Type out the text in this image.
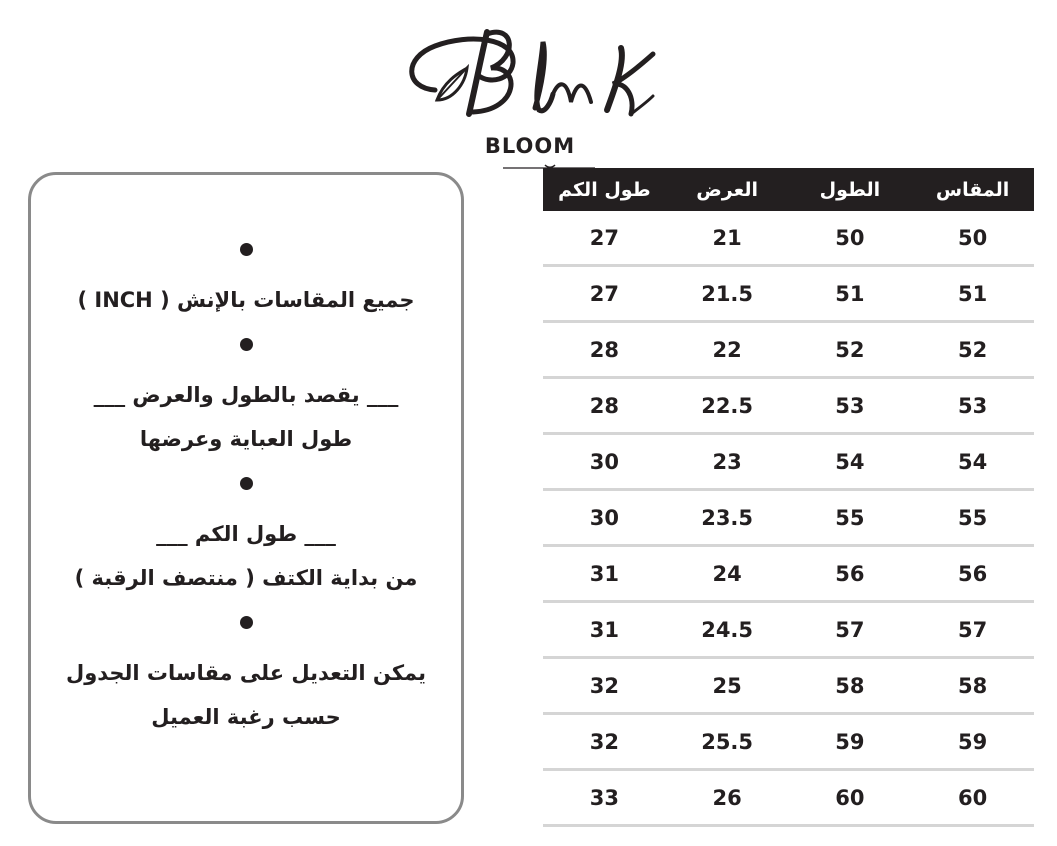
BLOOM
جميع المقاسات بالإنش ( INCH )
___ يقصد بالطول والعرض ___
طول العباية وعرضها
___ طول الكم ___
من بداية الكتف ( منتصف الرقبة )
يمكن التعديل على مقاسات الجدول
حسب رغبة العميل
المقاس	الطول	العرض	طول الكم
50	50	21	27
51	51	21.5	27
52	52	22	28
53	53	22.5	28
54	54	23	30
55	55	23.5	30
56	56	24	31
57	57	24.5	31
58	58	25	32
59	59	25.5	32
60	60	26	33
